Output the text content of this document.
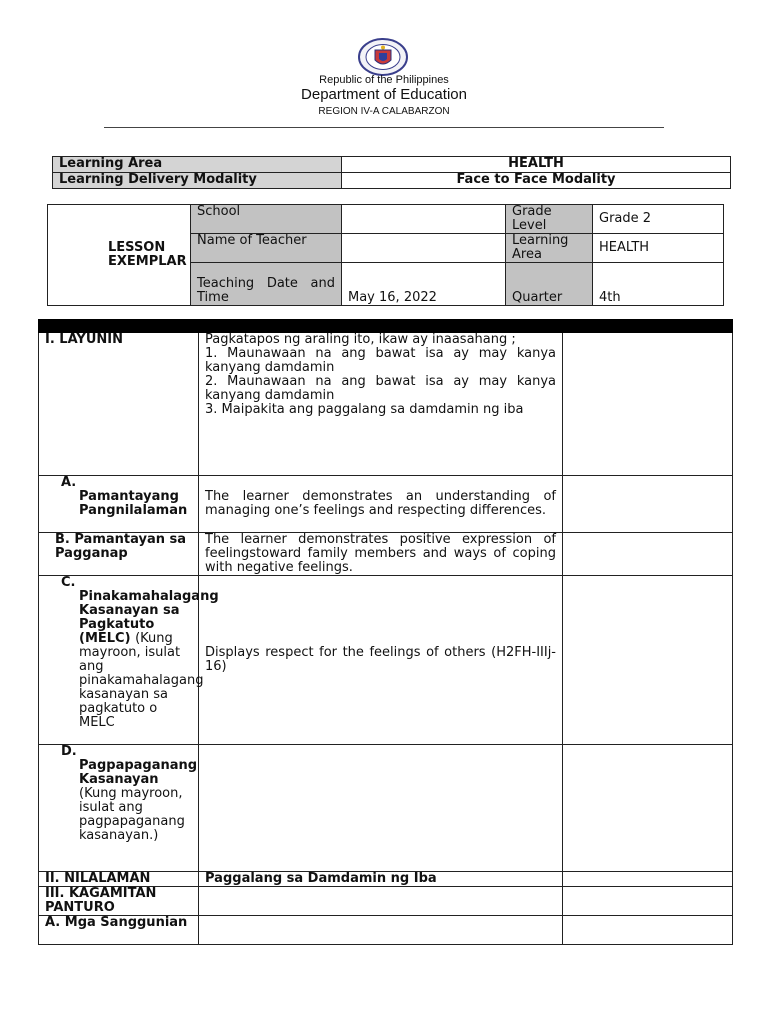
Republic of the Philippines
Department of Education
REGION IV-A CALABARZON
Learning Area	HEALTH
Learning Delivery Modality	Face to Face Modality
LESSON EXEMPLAR	School		Grade Level	Grade 2
	Name of Teacher		Learning Area	HEALTH
	Teaching Date and Time	May 16, 2022	Quarter	4th

I. LAYUNIN	Pagkatapos ng araling ito, ikaw ay inaasahang ;
1. Maunawaan na ang bawat isa ay may kanya kanyang damdamin
2. Maunawaan na ang bawat isa ay may kanya kanyang damdamin
3. Maipakita ang paggalang sa damdamin ng iba	

A.
Pamantayang Pangnilalaman	The learner demonstrates an understanding of managing one’s feelings and respecting differences.	
B. Pamantayan sa Pagganap	The learner demonstrates positive expression of feelingstoward family members and ways of coping with negative feelings.	

C.
Pinakamahalagang Kasanayan sa Pagkatuto (MELC) (Kung mayroon, isulat ang pinakamahalagang kasanayan sa pagkatuto o MELC	Displays respect for the feelings of others (H2FH-IIIj-16)	

D.
Pagpapaganang Kasanayan (Kung mayroon, isulat ang pagpapaganang kasanayan.)		

II. NILALAMAN	Paggalang sa Damdamin ng Iba	
III. KAGAMITAN PANTURO		
A. Mga Sanggunian		
